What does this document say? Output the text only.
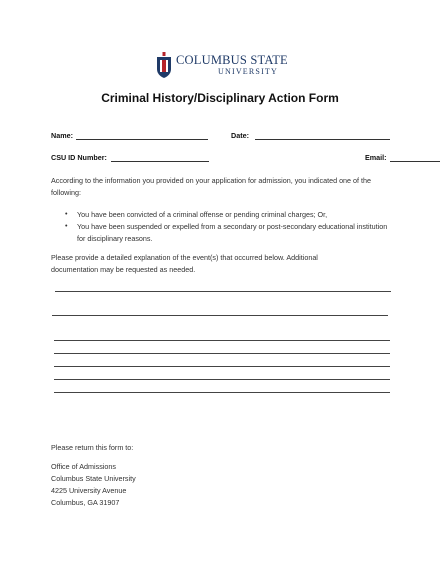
COLUMBUS STATE
UNIVERSITY
Criminal History/Disciplinary Action Form
Name:	Date:
CSU ID Number:	Email:
According to the information you provided on your application for admission, you indicated one of the following:
• You have been convicted of a criminal offense or pending criminal charges; Or,
• You have been suspended or expelled from a secondary or post-secondary educational institution for disciplinary reasons.
Please provide a detailed explanation of the event(s) that occurred below. Additional documentation may be requested as needed.
Please return this form to:
Office of Admissions
Columbus State University
4225 University Avenue
Columbus, GA 31907
